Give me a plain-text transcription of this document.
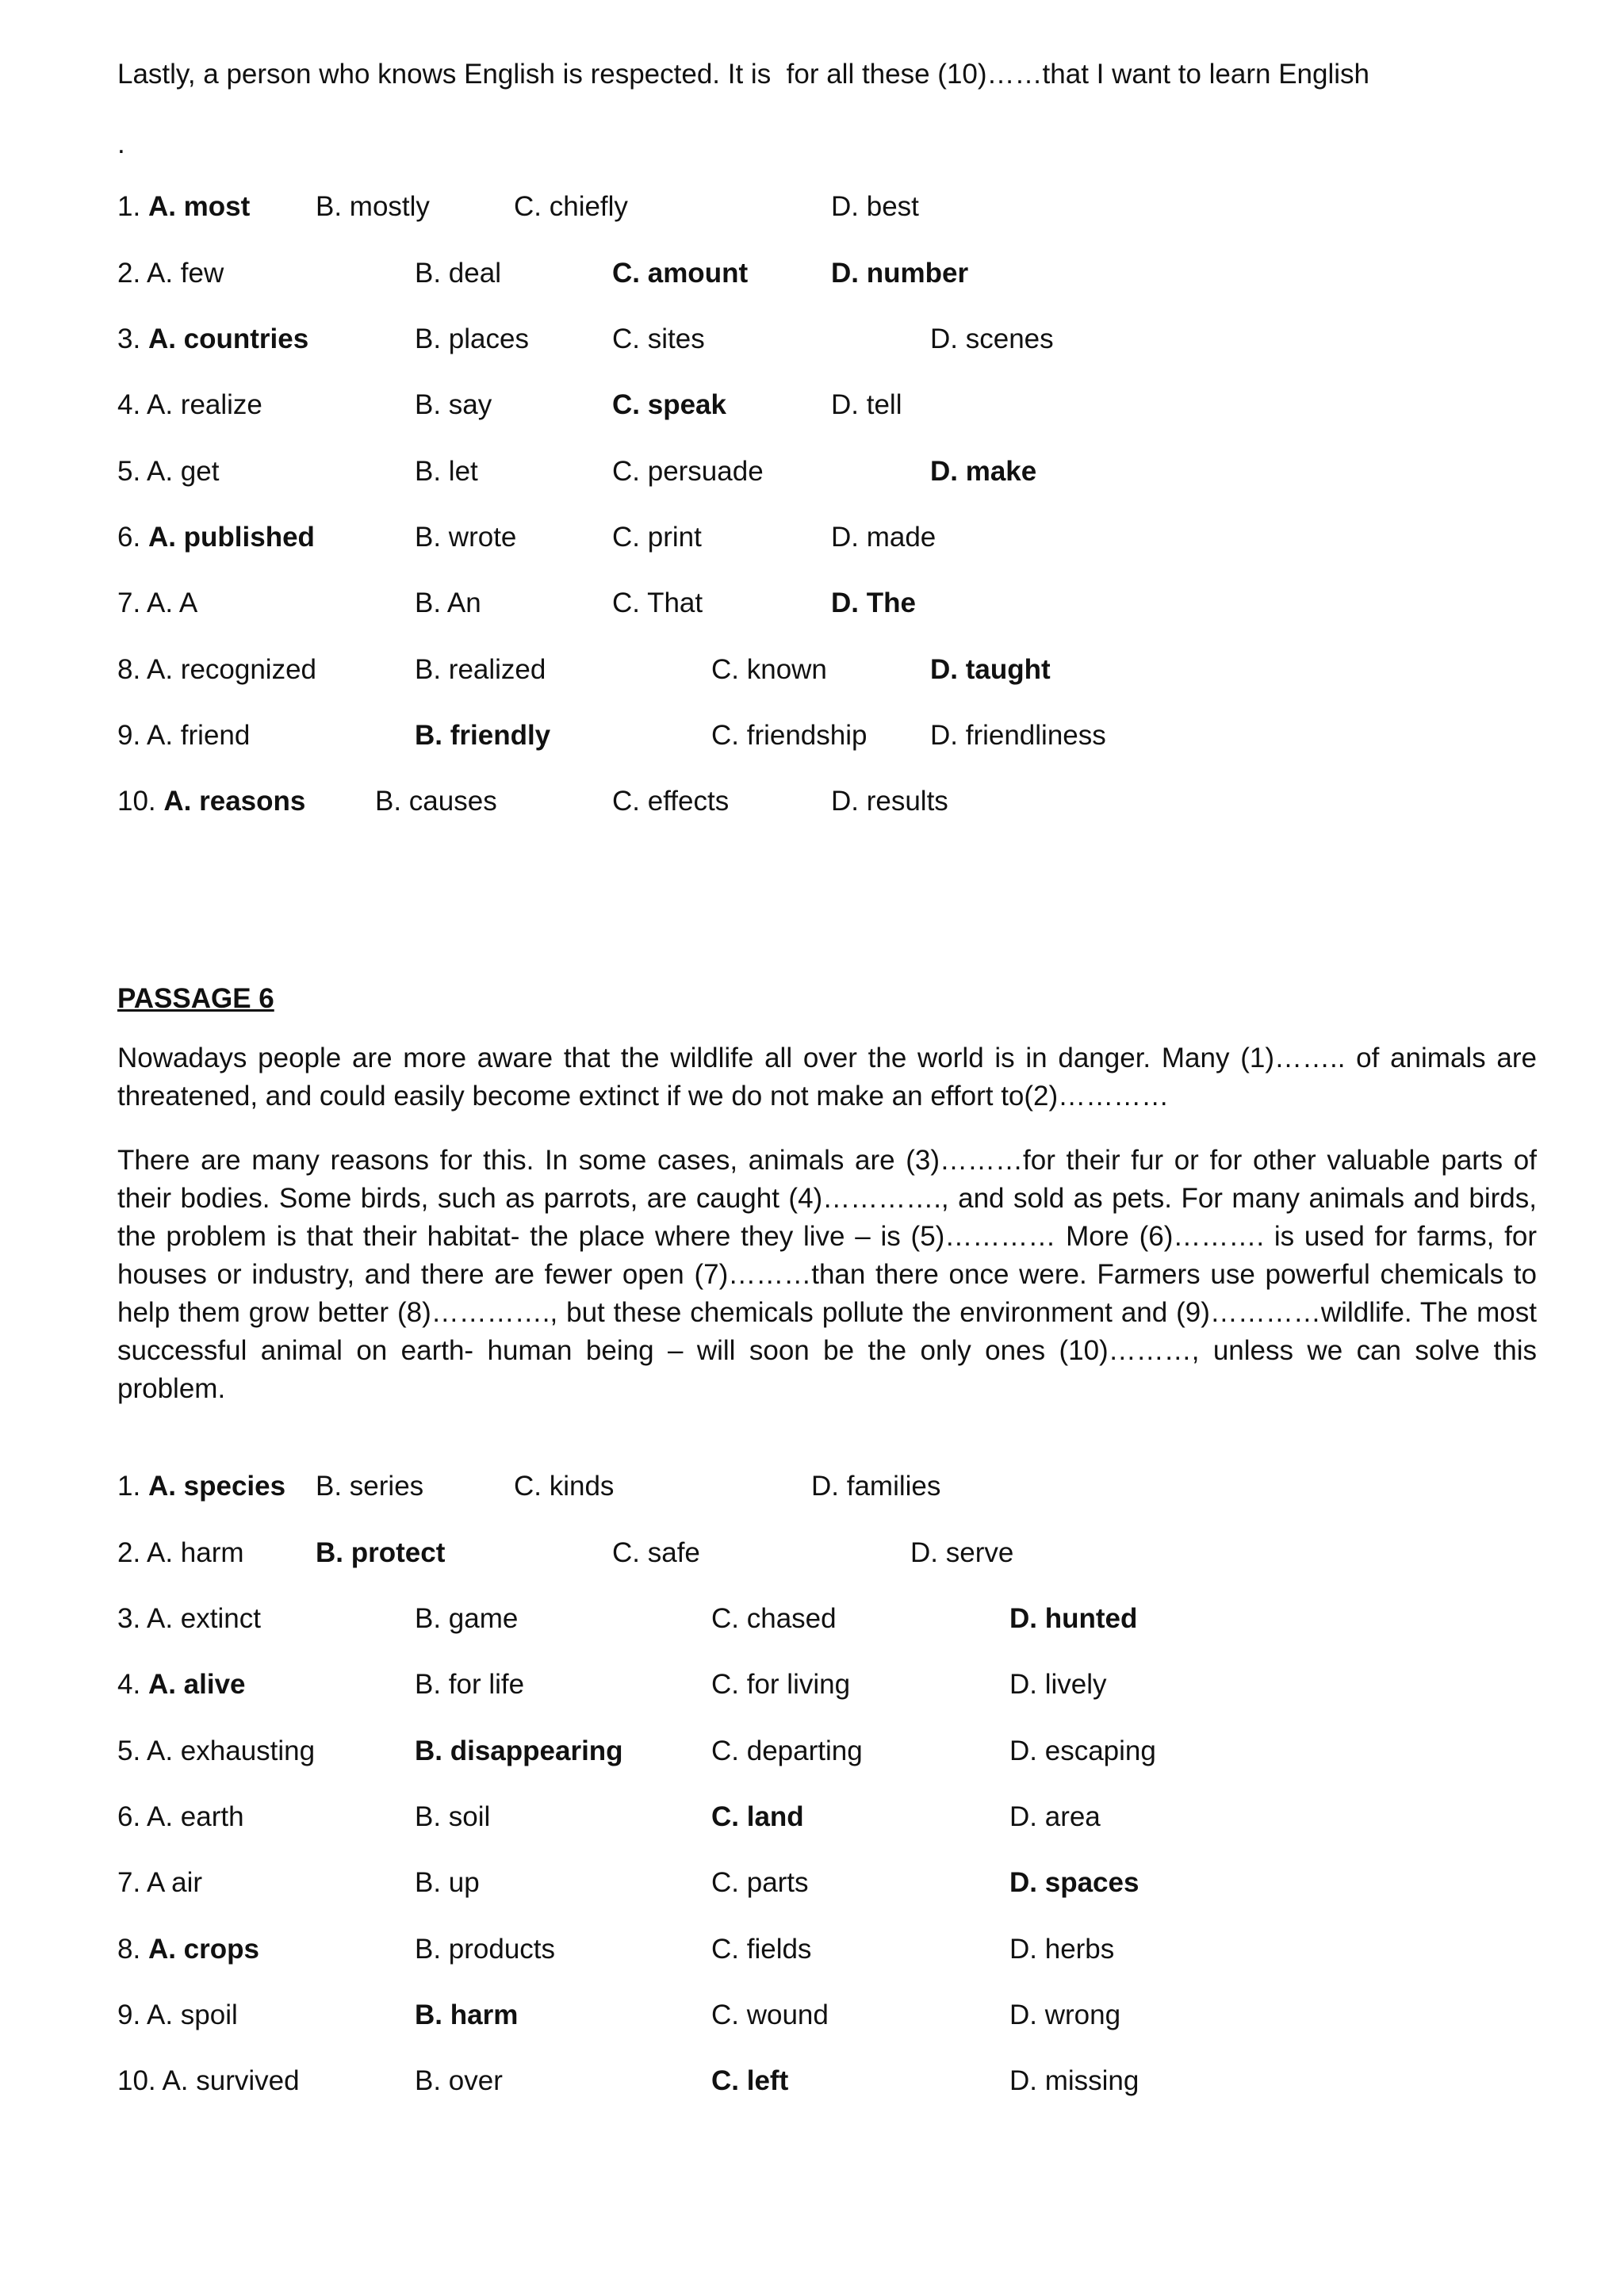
Lastly, a person who knows English is respected. It is  for all these (10)……that I want to learn English

.

1. A. most B. mostly	C. chiefly	D. best
2. A. few	B. deal	C. amount	D. number
3. A. countries	B. places	C. sites	D. scenes
4. A. realize	B. say	C. speak	D. tell
5. A. get	B. let	C. persuade	D. make
6. A. published	B. wrote	C. print	D. made
7. A. A	B. An	C. That	D. The
8. A. recognized	B. realized	C. known	D. taught
9. A. friend	B. friendly	C. friendship D. friendliness
10. A. reasons	B. causes	C. effects	D. results
PASSAGE 6

Nowadays people are more aware that the wildlife all over the world is in danger. Many (1)…….. of animals are threatened, and could easily become extinct if we do not make an effort to(2)…………

There are many reasons for this. In some cases, animals are (3)………for their fur or for other valuable parts of their bodies. Some birds, such as parrots, are caught (4)…………., and sold as pets. For many animals and birds, the problem is that their habitat- the place where they live – is (5)………… More (6)………. is used for farms, for houses or industry, and there are fewer open (7)………than there once were. Farmers use powerful chemicals to help them grow better (8)…………., but these chemicals pollute the environment and (9)…………wildlife. The most successful animal on earth- human being – will soon be the only ones (10)………, unless we can solve this problem.

1. A. species B. series	C. kinds	D. families
2. A. harm	B. protect	C. safe	D. serve
3. A. extinct	B. game	C. chased	D. hunted
4. A. alive	B. for life	C. for living	D. lively
5. A. exhausting	B. disappearing	C. departing	D. escaping
6. A. earth	B. soil	C. land	D. area
7. A air	B. up	C. parts	D. spaces
8. A. crops	B. products	C. fields	D. herbs
9. A. spoil	B. harm	C. wound	D. wrong
10. A. survived	B. over	C. left	D. missing
